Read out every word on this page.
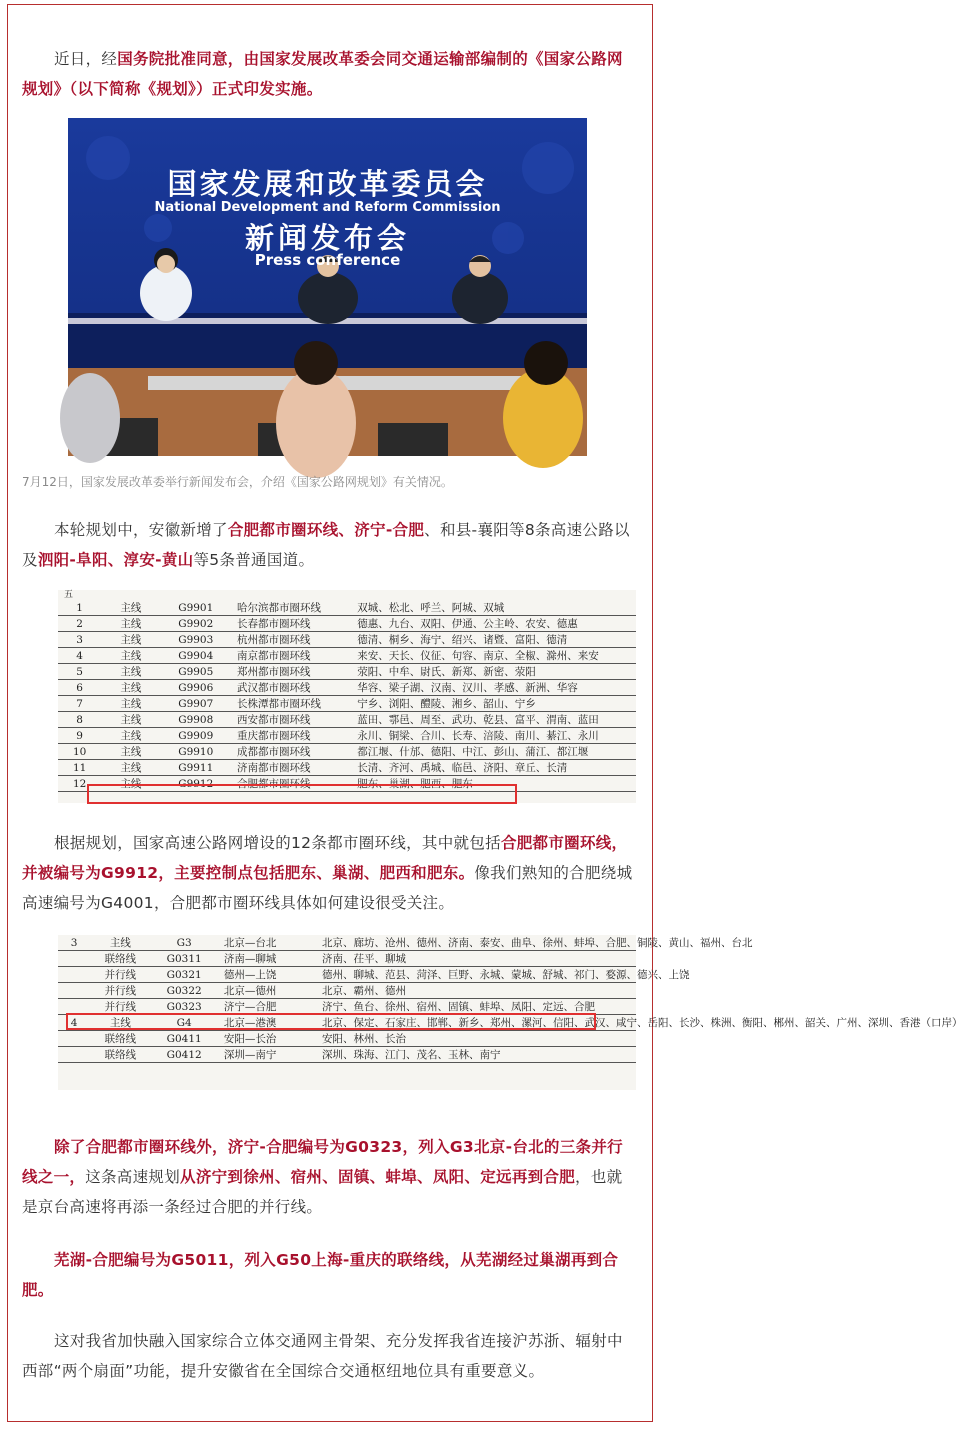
近日，经国务院批准同意，由国家发展改革委会同交通运输部编制的《国家公路网规划》（以下简称《规划》）正式印发实施。
国家发展和改革委员会
National Development and Reform Commission
新闻发布会
Press conference
7月12日，国家发展改革委举行新闻发布会，介绍《国家公路网规划》有关情况。
本轮规划中，安徽新增了合肥都市圈环线、济宁-合肥、和县-襄阳等8条高速公路以及泗阳-阜阳、淳安-黄山等5条普通国道。
五
1	主线	G9901	哈尔滨都市圈环线	双城、松北、呼兰、阿城、双城
2	主线	G9902	长春都市圈环线	德惠、九台、双阳、伊通、公主岭、农安、德惠
3	主线	G9903	杭州都市圈环线	德清、桐乡、海宁、绍兴、诸暨、富阳、德清
4	主线	G9904	南京都市圈环线	来安、天长、仪征、句容、南京、全椒、滁州、来安
5	主线	G9905	郑州都市圈环线	荥阳、中牟、尉氏、新郑、新密、荥阳
6	主线	G9906	武汉都市圈环线	华容、梁子湖、汉南、汉川、孝感、新洲、华容
7	主线	G9907	长株潭都市圈环线	宁乡、浏阳、醴陵、湘乡、韶山、宁乡
8	主线	G9908	西安都市圈环线	蓝田、鄠邑、周至、武功、乾县、富平、渭南、蓝田
9	主线	G9909	重庆都市圈环线	永川、铜梁、合川、长寿、涪陵、南川、綦江、永川
10	主线	G9910	成都都市圈环线	都江堰、什邡、德阳、中江、彭山、蒲江、都江堰
11	主线	G9911	济南都市圈环线	长清、齐河、禹城、临邑、济阳、章丘、长清
12	主线	G9912	合肥都市圈环线	肥东、巢湖、肥西、肥东
根据规划，国家高速公路网增设的12条都市圈环线，其中就包括合肥都市圈环线，并被编号为G9912，主要控制点包括肥东、巢湖、肥西和肥东。像我们熟知的合肥绕城高速编号为G4001，合肥都市圈环线具体如何建设很受关注。
3	主线	G3	北京—台北	北京、廊坊、沧州、德州、济南、泰安、曲阜、徐州、蚌埠、合肥、铜陵、黄山、福州、台北
	联络线	G0311	济南—聊城	济南、茌平、聊城
	并行线	G0321	德州—上饶	德州、聊城、范县、菏泽、巨野、永城、蒙城、舒城、祁门、婺源、德兴、上饶
	并行线	G0322	北京—德州	北京、霸州、德州
	并行线	G0323	济宁—合肥	济宁、鱼台、徐州、宿州、固镇、蚌埠、凤阳、定远、合肥
4	主线	G4	北京—港澳	北京、保定、石家庄、邯郸、新乡、郑州、漯河、信阳、武汉、咸宁、岳阳、长沙、株洲、衡阳、郴州、韶关、广州、深圳、香港（口岸）
	联络线	G0411	安阳—长治	安阳、林州、长治
	联络线	G0412	深圳—南宁	深圳、珠海、江门、茂名、玉林、南宁
除了合肥都市圈环线外，济宁-合肥编号为G0323，列入G3北京-台北的三条并行线之一，这条高速规划从济宁到徐州、宿州、固镇、蚌埠、凤阳、定远再到合肥，也就是京台高速将再添一条经过合肥的并行线。
芜湖-合肥编号为G5011，列入G50上海-重庆的联络线，从芜湖经过巢湖再到合肥。
这对我省加快融入国家综合立体交通网主骨架、充分发挥我省连接沪苏浙、辐射中西部“两个扇面”功能，提升安徽省在全国综合交通枢纽地位具有重要意义。
